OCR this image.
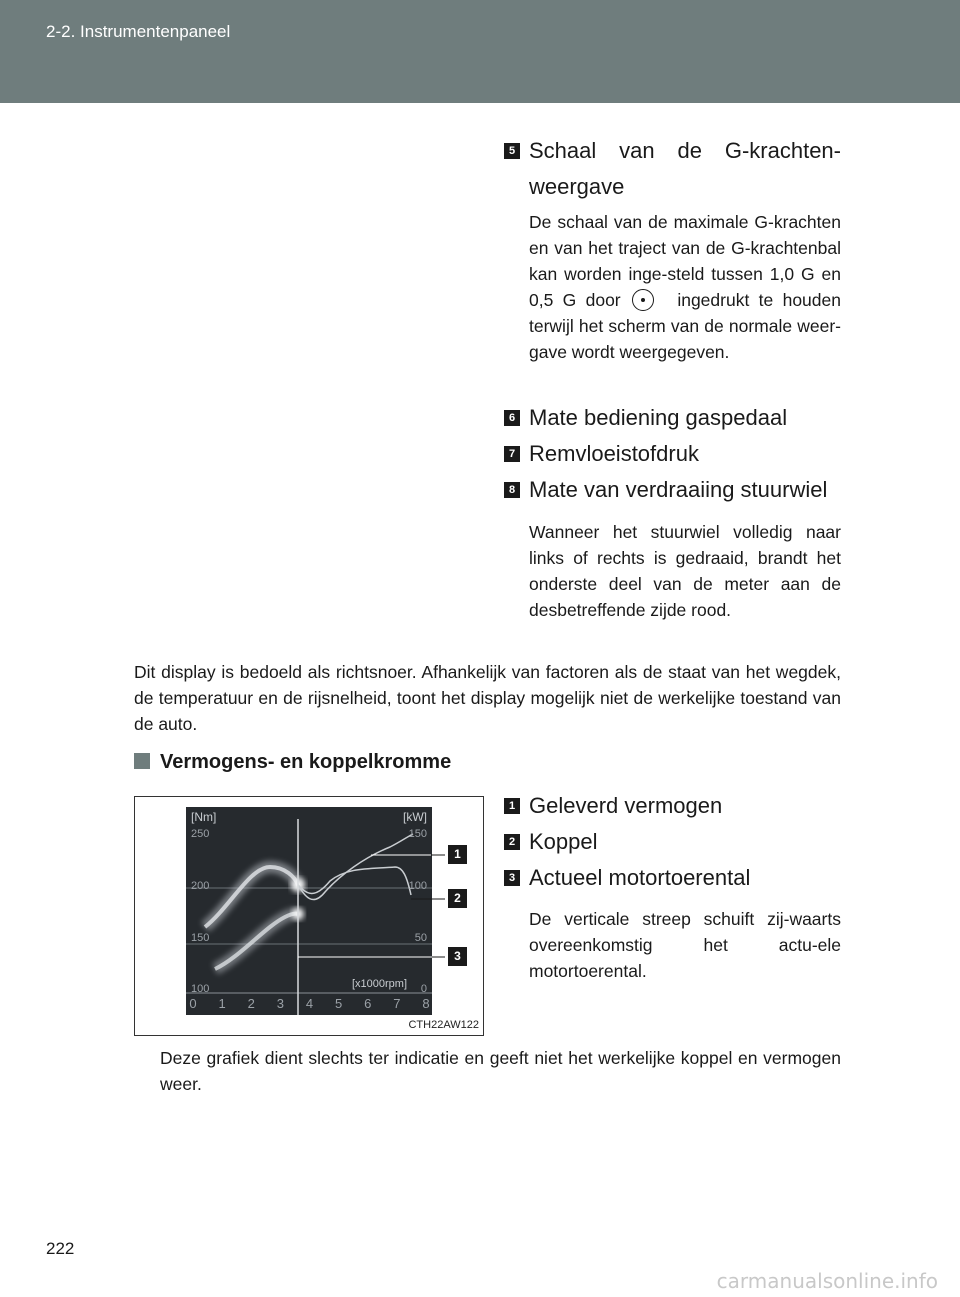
2-2. Instrumentenpaneel
5 Schaal van de G-krachten-weergave
De schaal van de maximale G-krachten en van het traject van de G-krachtenbal kan worden inge-steld tussen 1,0 G en 0,5 G door	ingedrukt te houden terwijl het scherm van de normale weer-gave wordt weergegeven.
6 Mate bediening gaspedaal
7 Remvloeistofdruk
8 Mate van verdraaiing stuurwiel
Wanneer het stuurwiel volledig naar links of rechts is gedraaid, brandt het onderste deel van de meter aan de desbetreffende zijde rood.
Dit display is bedoeld als richtsnoer. Afhankelijk van factoren als de staat van het wegdek, de temperatuur en de rijsnelheid, toont het display mogelijk niet de werkelijke toestand van de auto.
Vermogens- en koppelkromme
[Nm]	[kW]
250
200
150
100
150
100
50
0
[x1000rpm]
0 1 2 3 4 5 6 7 8
1
2
3
CTH22AW122
1 Geleverd vermogen
2 Koppel
3 Actueel motortoerental
De verticale streep schuift zij-waarts overeenkomstig het actu-ele motortoerental.
Deze grafiek dient slechts ter indicatie en geeft niet het werkelijke koppel en vermogen weer.
222
carmanualsonline.info
